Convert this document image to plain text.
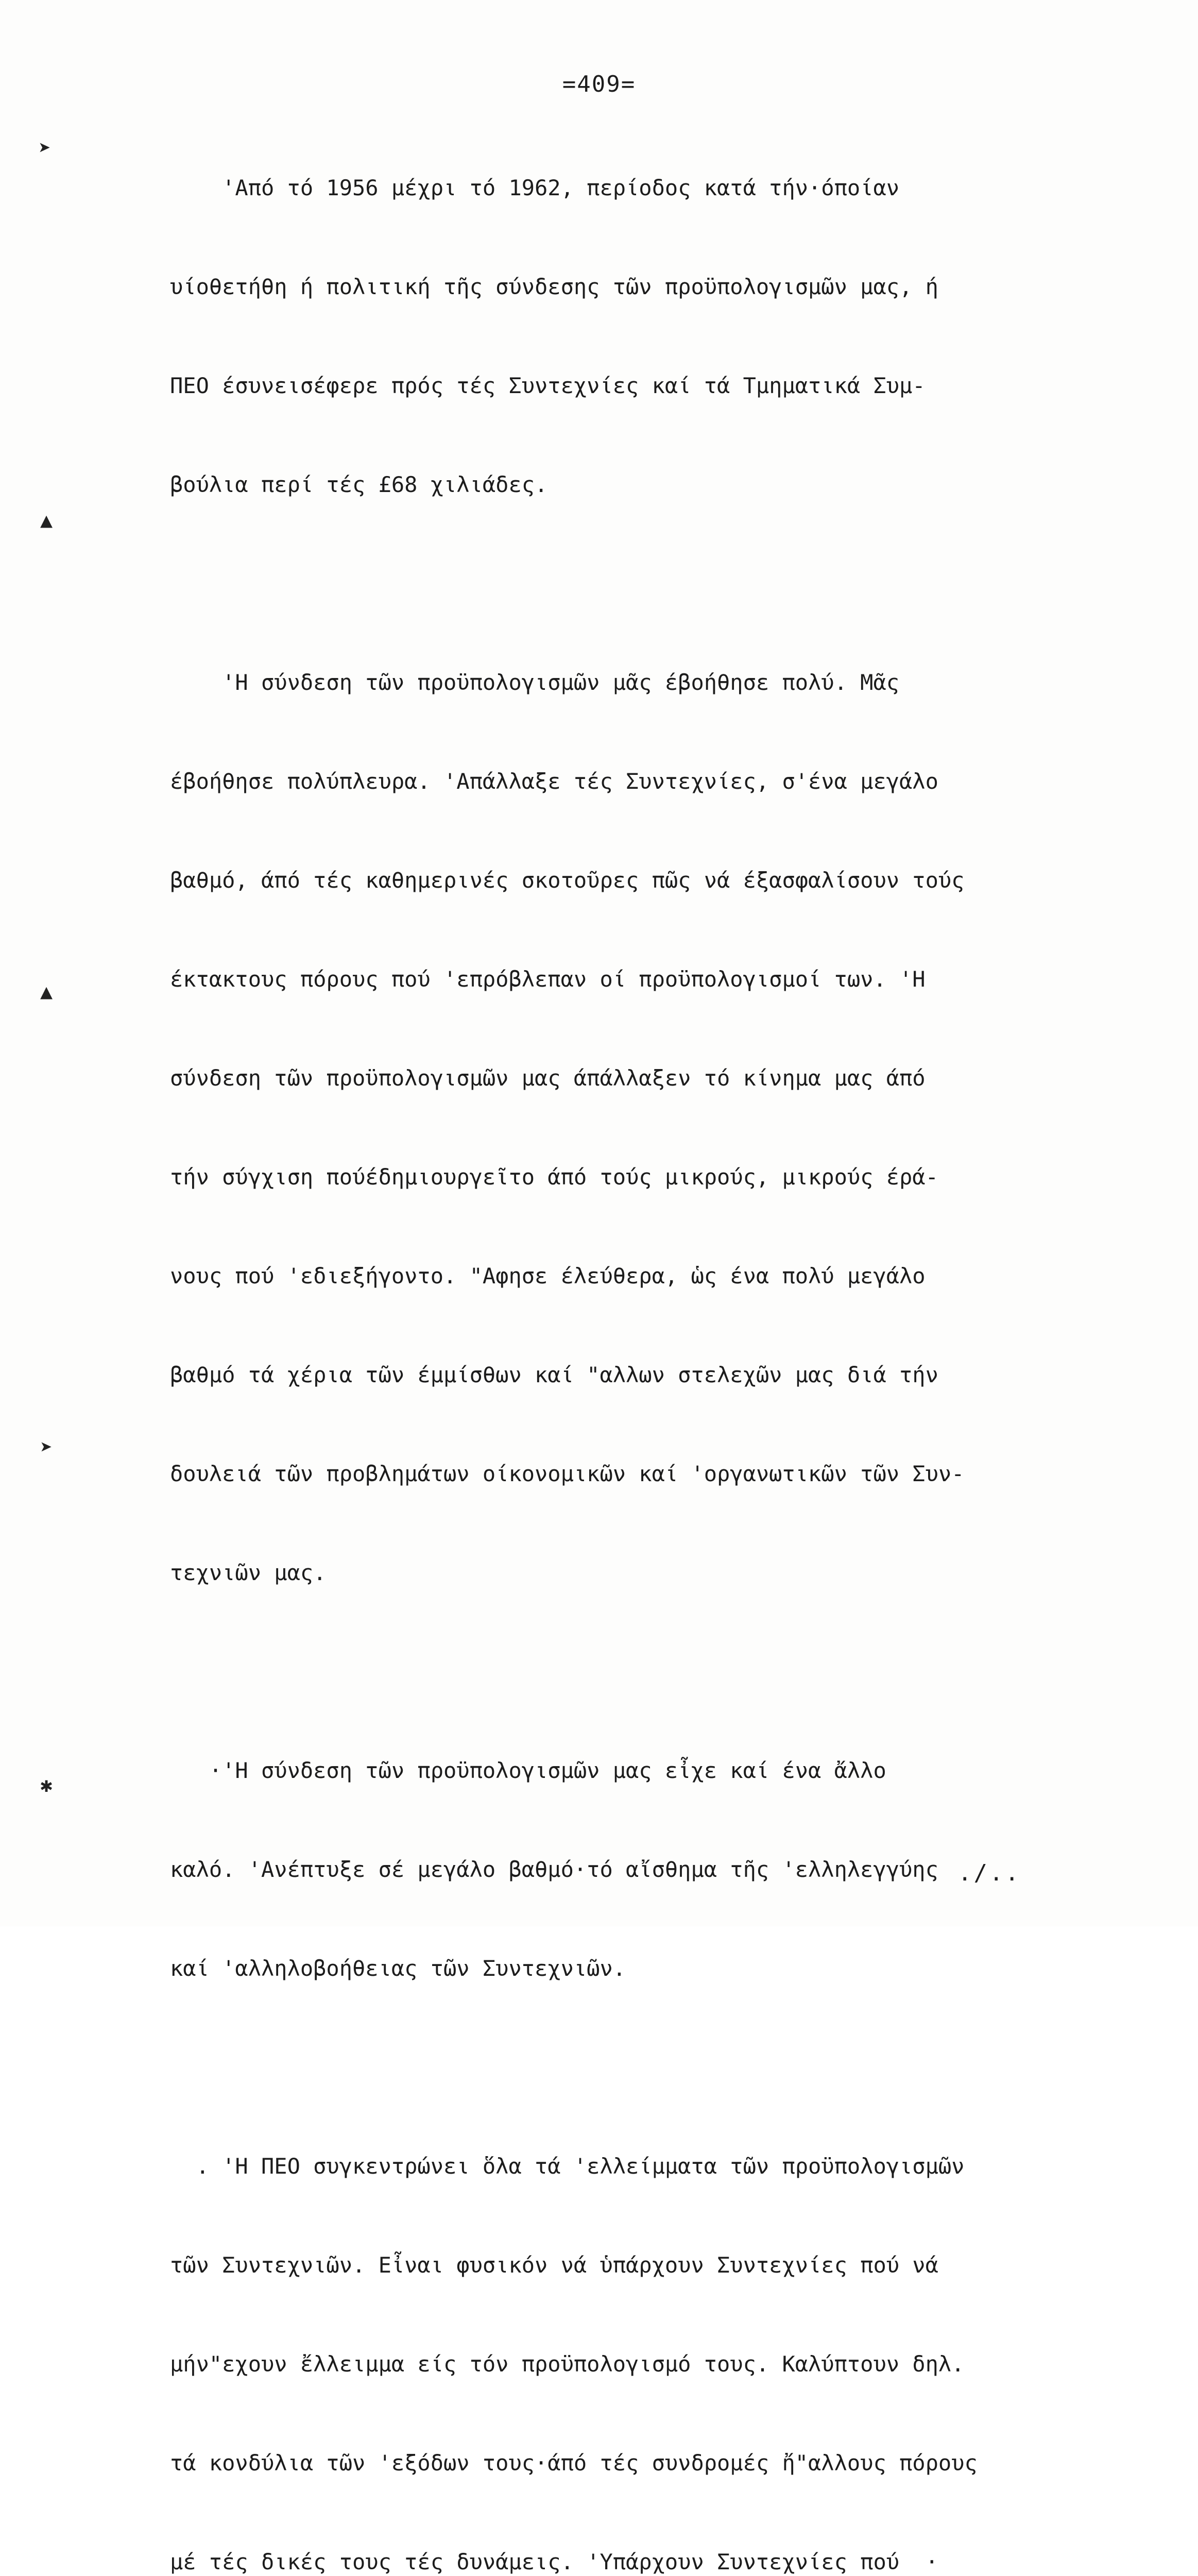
=409=
➤
▲
▲
➤
✱

'Από τό 1956 μέχρι τό 1962, περίοδος κατά τήν·όποίαν

υίοθετήθη ή πολιτική τῆς σύνδεσης τῶν προϋπολογισμῶν μας, ή

ΠΕΟ έσυνεισέφερε πρός τές Συντεχνίες καί τά Τμηματικά Συμ-

βούλια περί τές £68 χιλιάδες.

'Η σύνδεση τῶν προϋπολογισμῶν μᾶς έβοήθησε πολύ. Μᾶς

έβοήθησε πολύπλευρα. 'Απάλλαξε τές Συντεχνίες, σ'ένα μεγάλο

βαθμό, άπό τές καθημερινές σκοτοῦρες πῶς νά έξασφαλίσουν τούς

έκτακτους πόρους πού 'επρόβλεπαν οί προϋπολογισμοί των. 'Η

σύνδεση τῶν προϋπολογισμῶν μας άπάλλαξεν τό κίνημα μας άπό

τήν σύγχιση πούέδημιουργεῖτο άπό τούς μικρούς, μικρούς έρά-

νους πού 'εδιεξήγοντο. "Αφησε έλεύθερα, ὡς ένα πολύ μεγάλο

βαθμό τά χέρια τῶν έμμίσθων καί "αλλων στελεχῶν μας διά τήν

δουλειά τῶν προβλημάτων οίκονομικῶν καί 'οργανωτικῶν τῶν Συν-

τεχνιῶν μας.

·'Η σύνδεση τῶν προϋπολογισμῶν μας εἶχε καί ένα ἄλλο

καλό. 'Ανέπτυξε σέ μεγάλο βαθμό·τό αἴσθημα τῆς 'ελληλεγγύης

καί 'αλληλοβοήθειας τῶν Συντεχνιῶν.

. 'Η ΠΕΟ συγκεντρώνει ὅλα τά 'ελλείμματα τῶν προϋπολογισμῶν

τῶν Συντεχνιῶν. Εἶναι φυσικόν νά ὑπάρχουν Συντεχνίες πού νά

μήν"εχουν ἔλλειμμα είς τόν προϋπολογισμό τους. Καλύπτουν δηλ.

τά κονδύλια τῶν 'εξόδων τους·άπό τές συνδρομές ἤ"αλλους πόρους

μέ τές δικές τους τές δυνάμεις. 'Υπάρχουν Συντεχνίες πού  ·

./..
